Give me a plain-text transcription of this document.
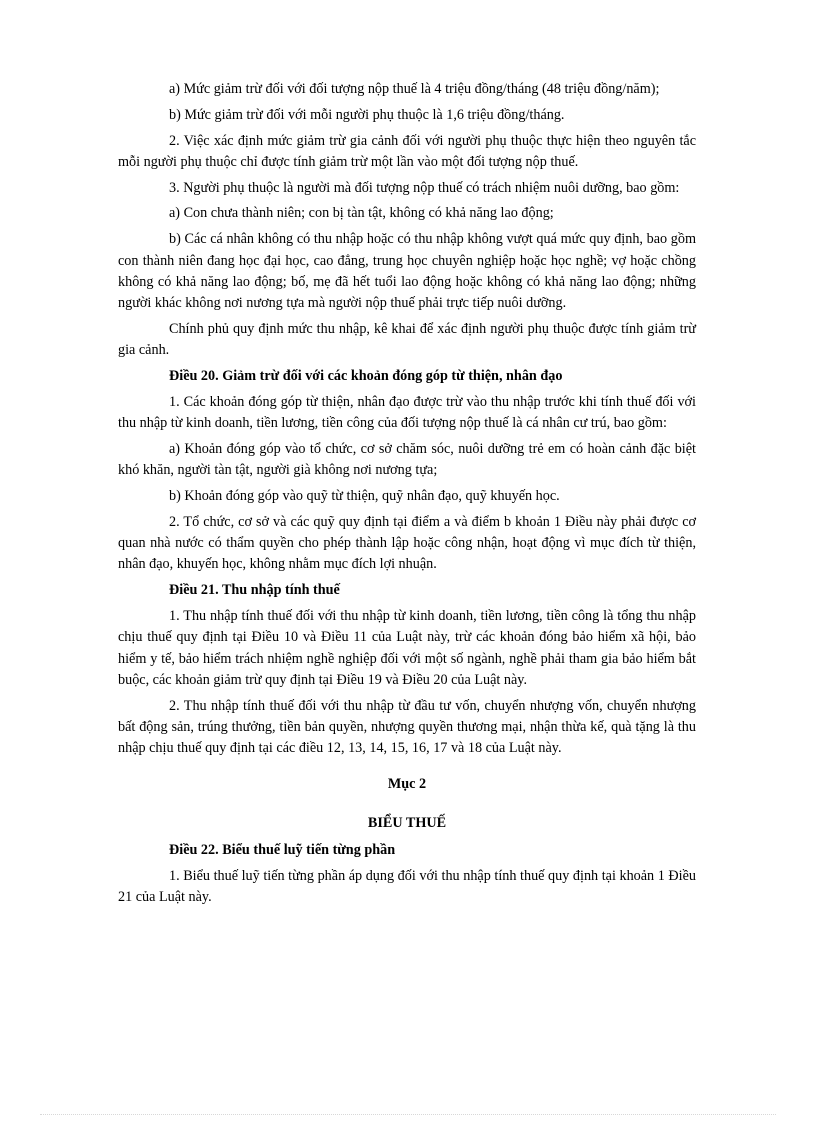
a) Mức giảm trừ đối với đối tượng nộp thuế là 4 triệu đồng/tháng (48 triệu đồng/năm);

b) Mức giảm trừ đối với mỗi người phụ thuộc là 1,6 triệu đồng/tháng.

2. Việc xác định mức giảm trừ gia cảnh đối với người phụ thuộc thực hiện theo nguyên tắc mỗi người phụ thuộc chỉ được tính giảm trừ một lần vào một đối tượng nộp thuế.

3. Người phụ thuộc là người mà đối tượng nộp thuế có trách nhiệm nuôi dưỡng, bao gồm:

a) Con chưa thành niên; con bị tàn tật, không có khả năng lao động;

b) Các cá nhân không có thu nhập hoặc có thu nhập không vượt quá mức quy định, bao gồm con thành niên đang học đại học, cao đẳng, trung học chuyên nghiệp hoặc học nghề; vợ hoặc chồng không có khả năng lao động; bố, mẹ đã hết tuổi lao động hoặc không có khả năng lao động; những người khác không nơi nương tựa mà người nộp thuế phải trực tiếp nuôi dưỡng.

Chính phủ quy định mức thu nhập, kê khai để xác định người phụ thuộc được tính giảm trừ gia cảnh.

Điều 20. Giảm trừ đối với các khoản đóng góp từ thiện, nhân đạo

1. Các khoản đóng góp từ thiện, nhân đạo được trừ vào thu nhập trước khi tính thuế đối với thu nhập từ kinh doanh, tiền lương, tiền công của đối tượng nộp thuế là cá nhân cư trú, bao gồm:

a) Khoản đóng góp vào tổ chức, cơ sở chăm sóc, nuôi dưỡng trẻ em có hoàn cảnh đặc biệt khó khăn, người tàn tật, người già không nơi nương tựa;

b) Khoản đóng góp vào quỹ từ thiện, quỹ nhân đạo, quỹ khuyến học.

2. Tổ chức, cơ sở và các quỹ quy định tại điểm a và điểm b khoản 1 Điều này phải được cơ quan nhà nước có thẩm quyền cho phép thành lập hoặc công nhận, hoạt động vì mục đích từ thiện, nhân đạo, khuyến học, không nhằm mục đích lợi nhuận.

Điều 21. Thu nhập tính thuế

1. Thu nhập tính thuế đối với thu nhập từ kinh doanh, tiền lương, tiền công là tổng thu nhập chịu thuế quy định tại Điều 10 và Điều 11 của Luật này, trừ các khoản đóng bảo hiểm xã hội, bảo hiểm y tế, bảo hiểm trách nhiệm nghề nghiệp đối với một số ngành, nghề phải tham gia bảo hiểm bắt buộc, các khoản giảm trừ quy định tại Điều 19 và Điều 20 của Luật này.

2. Thu nhập tính thuế đối với thu nhập từ đầu tư vốn, chuyển nhượng vốn, chuyển nhượng bất động sản, trúng thưởng, tiền bản quyền, nhượng quyền thương mại, nhận thừa kế, quà tặng là thu nhập chịu thuế quy định tại các điều 12, 13, 14, 15, 16, 17 và 18 của Luật này.

Mục 2

BIỂU THUẾ

Điều 22. Biểu thuế luỹ tiến từng phần

1. Biểu thuế luỹ tiến từng phần áp dụng đối với thu nhập tính thuế quy định tại khoản 1 Điều 21 của Luật này.
